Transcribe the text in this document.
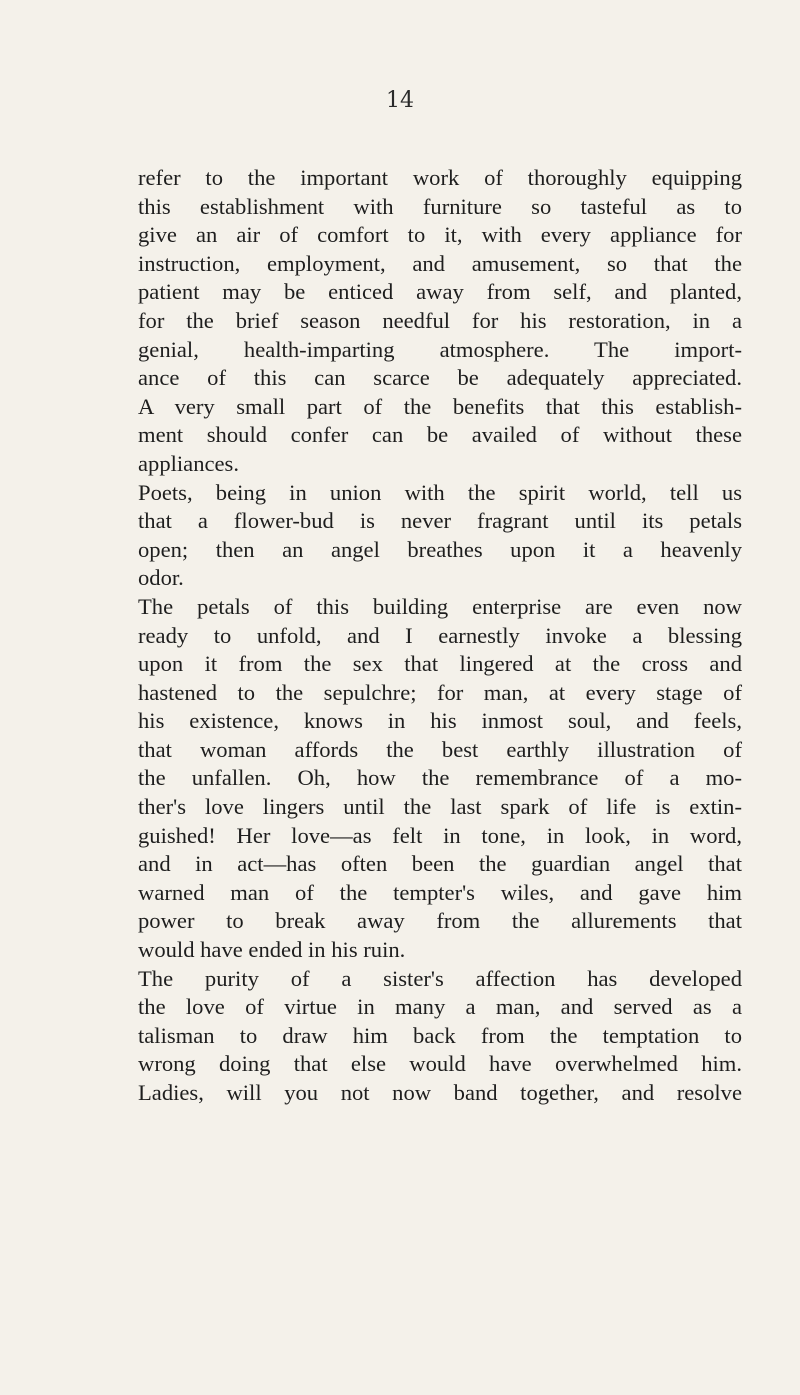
14
refer to the important work of thoroughly equipping
this establishment with furniture so tasteful as to
give an air of comfort to it, with every appliance for
instruction, employment, and amusement, so that the
patient may be enticed away from self, and planted,
for the brief season needful for his restoration, in a
genial, health-imparting atmosphere. The import-
ance of this can scarce be adequately appreciated.
A very small part of the benefits that this establish-
ment should confer can be availed of without these
appliances.
Poets, being in union with the spirit world, tell us
that a flower-bud is never fragrant until its petals
open; then an angel breathes upon it a heavenly
odor.
The petals of this building enterprise are even now
ready to unfold, and I earnestly invoke a blessing
upon it from the sex that lingered at the cross and
hastened to the sepulchre; for man, at every stage of
his existence, knows in his inmost soul, and feels,
that woman affords the best earthly illustration of
the unfallen. Oh, how the remembrance of a mo-
ther's love lingers until the last spark of life is extin-
guished! Her love—as felt in tone, in look, in word,
and in act—has often been the guardian angel that
warned man of the tempter's wiles, and gave him
power to break away from the allurements that
would have ended in his ruin.
The purity of a sister's affection has developed
the love of virtue in many a man, and served as a
talisman to draw him back from the temptation to
wrong doing that else would have overwhelmed him.
Ladies, will you not now band together, and resolve
